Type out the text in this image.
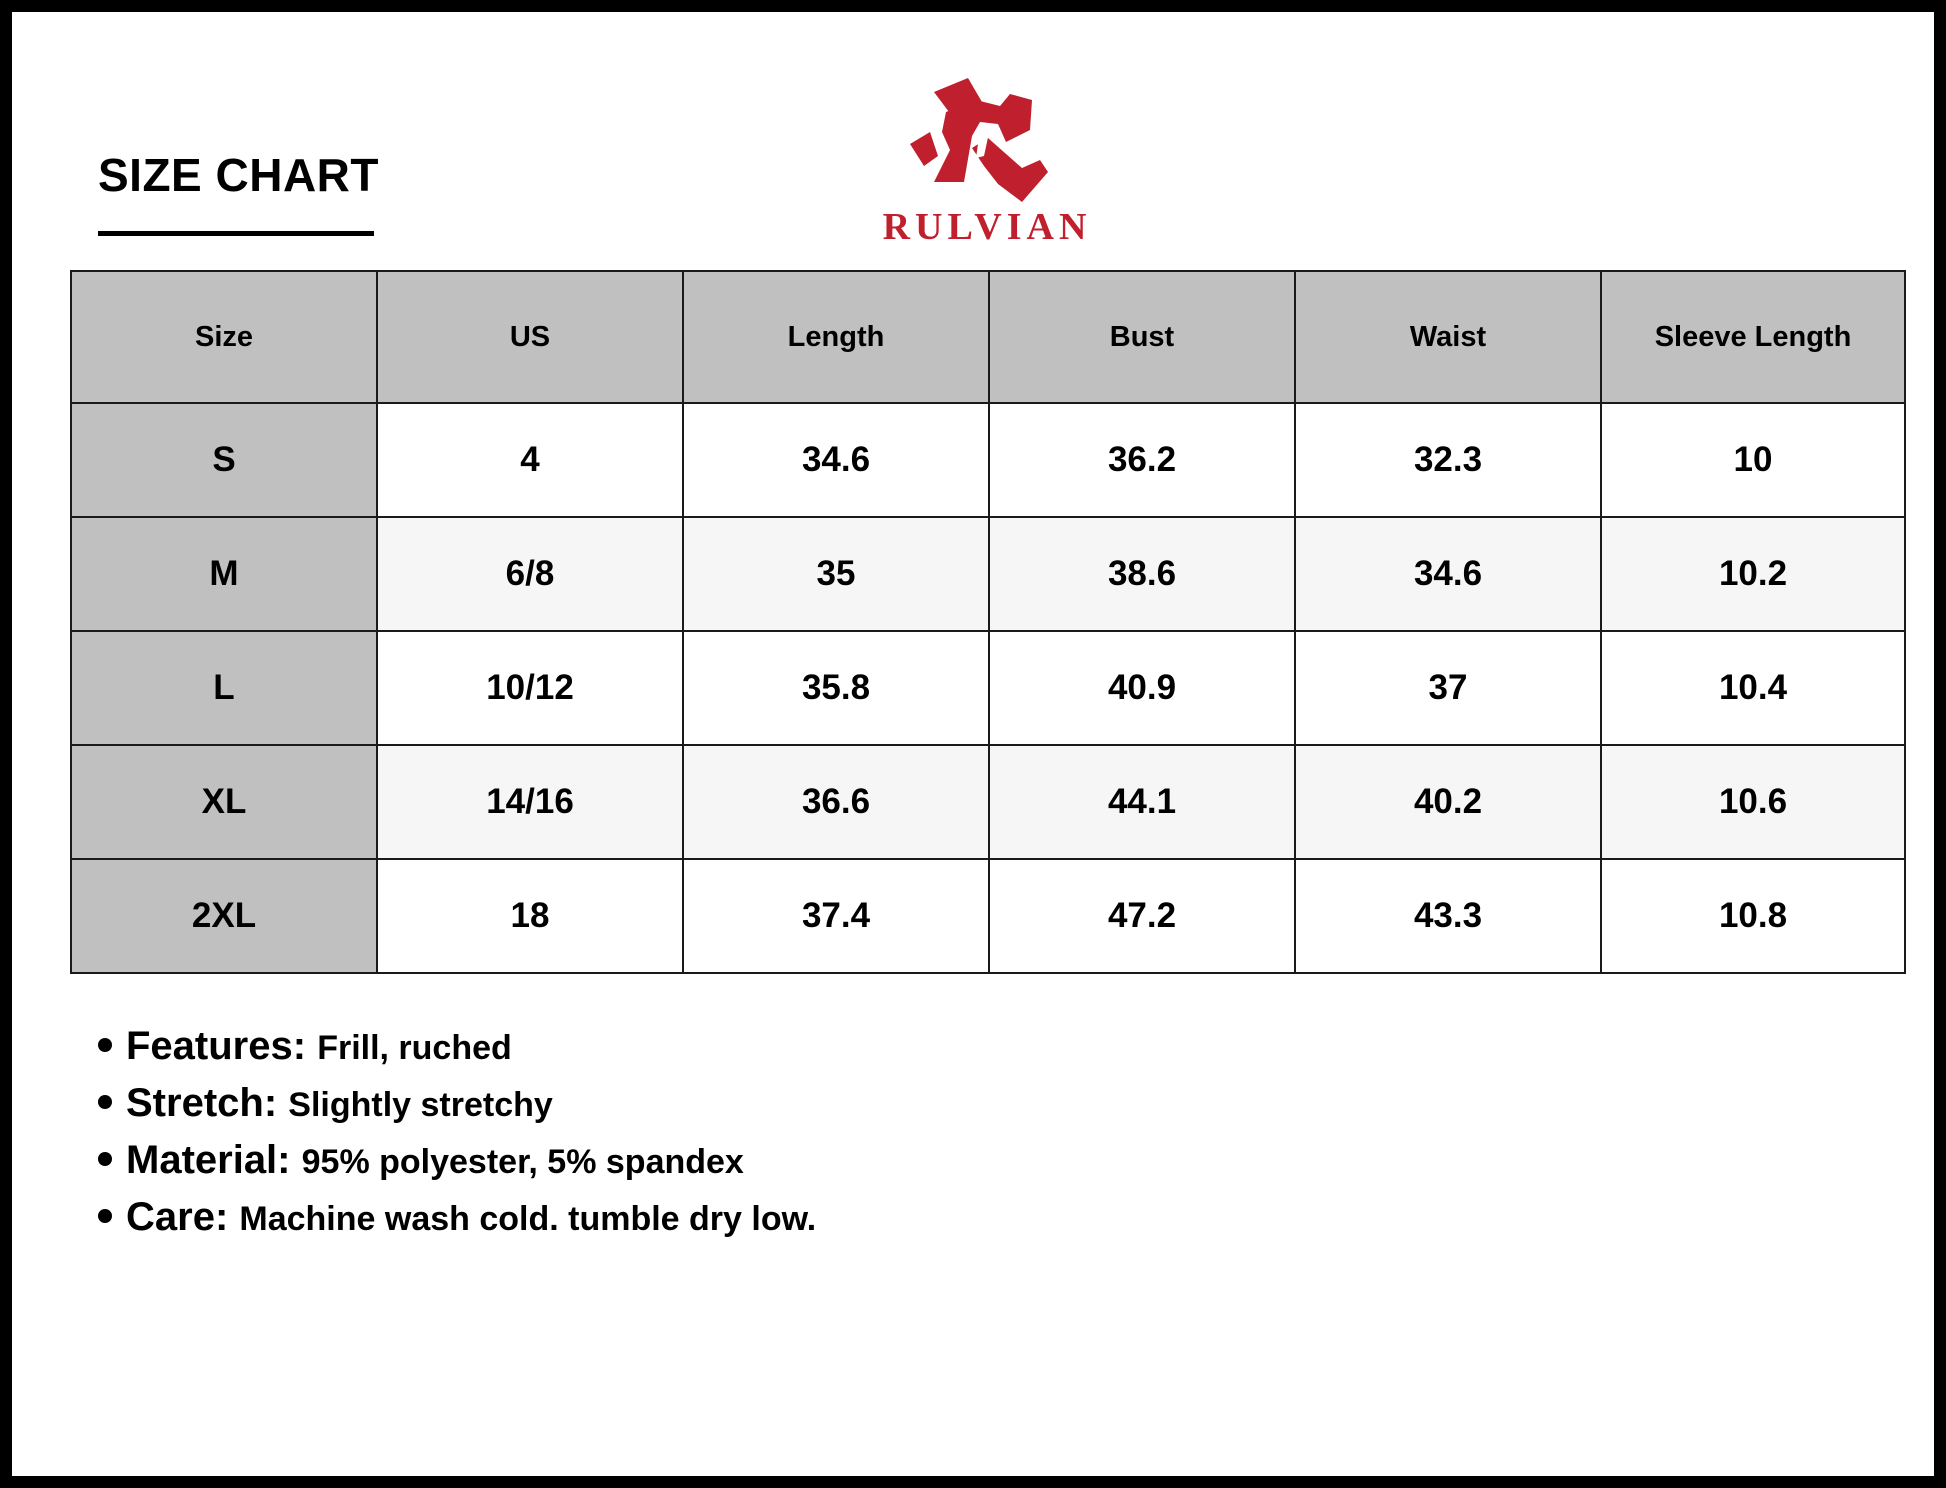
SIZE CHART
RULVIAN
Size	US	Length	Bust	Waist	Sleeve Length
S	4	34.6	36.2	32.3	10
M	6/8	35	38.6	34.6	10.2
L	10/12	35.8	40.9	37	10.4
XL	14/16	36.6	44.1	40.2	10.6
2XL	18	37.4	47.2	43.3	10.8
Features: Frill, ruched
Stretch: Slightly stretchy
Material: 95% polyester, 5% spandex
Care: Machine wash cold. tumble dry low.
